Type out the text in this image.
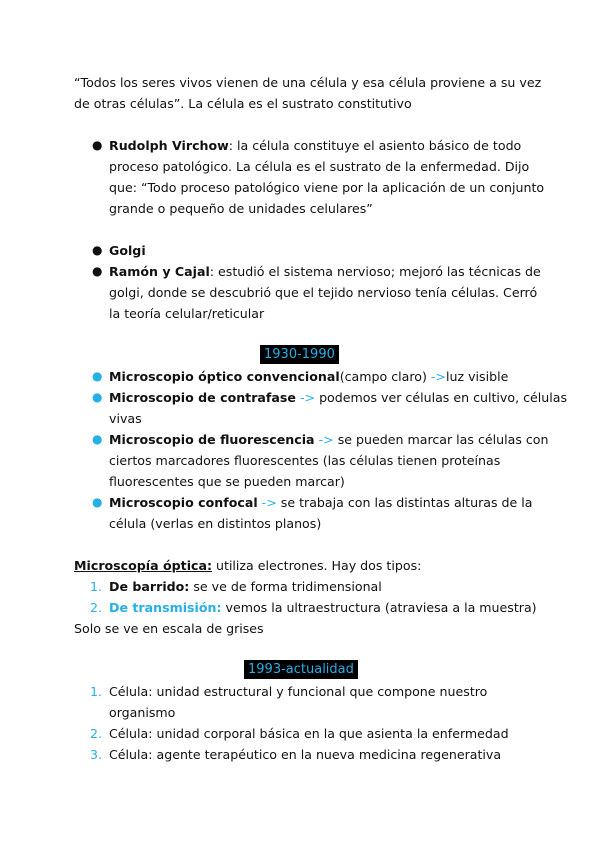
“Todos los seres vivos vienen de una célula y esa célula proviene a su vez
de otras células”. La célula es el sustrato constitutivo
● Rudolph Virchow: la célula constituye el asiento básico de todo
proceso patológico. La célula es el sustrato de la enfermedad. Dijo
que: “Todo proceso patológico viene por la aplicación de un conjunto
grande o pequeño de unidades celulares”
● Golgi
● Ramón y Cajal: estudió el sistema nervioso; mejoró las técnicas de
golgi, donde se descubrió que el tejido nervioso tenía células. Cerró
la teoría celular/reticular
1930-1990
● Microscopio óptico convencional(campo claro) ->luz visible
● Microscopio de contrafase -> podemos ver células en cultivo, células
vivas
● Microscopio de fluorescencia -> se pueden marcar las células con
ciertos marcadores fluorescentes (las células tienen proteínas
fluorescentes que se pueden marcar)
● Microscopio confocal -> se trabaja con las distintas alturas de la
célula (verlas en distintos planos)
Microscopía óptica: utiliza electrones. Hay dos tipos:
1. De barrido: se ve de forma tridimensional
2. De transmisión: vemos la ultraestructura (atraviesa a la muestra)
Solo se ve en escala de grises
1993-actualidad
1. Célula: unidad estructural y funcional que compone nuestro
organismo
2. Célula: unidad corporal básica en la que asienta la enfermedad
3. Célula: agente terapéutico en la nueva medicina regenerativa
